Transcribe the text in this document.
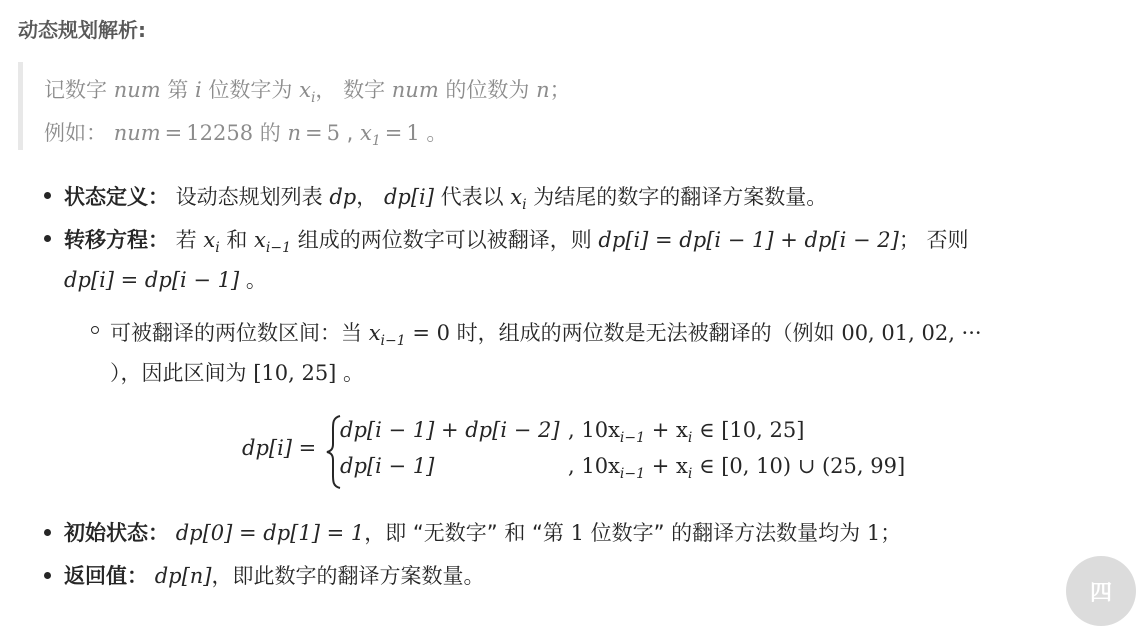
动态规划解析:
记数字 num 第 i 位数字为 $x_i$， 数字 num 的位数为 n；
例如： num = 12258 的 n = 5 , $x_1 = 1$ 。
状态定义： 设动态规划列表 dp， dp[i] 代表以 $x_i$ 为结尾的数字的翻译方案数量。
转移方程： 若 $x_i$ 和 $x_{i-1}$ 组成的两位数字可以被翻译，则 dp[i] = dp[i − 1] + dp[i − 2]； 否则
dp[i] = dp[i − 1] 。
可被翻译的两位数区间：当 $x_{i-1} = 0$ 时，组成的两位数是无法被翻译的（例如 00, 01, 02, ···
），因此区间为 [10, 25] 。
dp[i] =
dp[i − 1] + dp[i − 2] , $10x_{i-1} + x_i$ ∈ [10, 25]
dp[i − 1]	, $10x_{i-1} + x_i$ ∈ [0, 10) ∪ (25, 99]
初始状态： dp[0] = dp[1] = 1，即 “无数字” 和 “第 1 位数字” 的翻译方法数量均为 1；
返回值： dp[n]，即此数字的翻译方案数量。
四
